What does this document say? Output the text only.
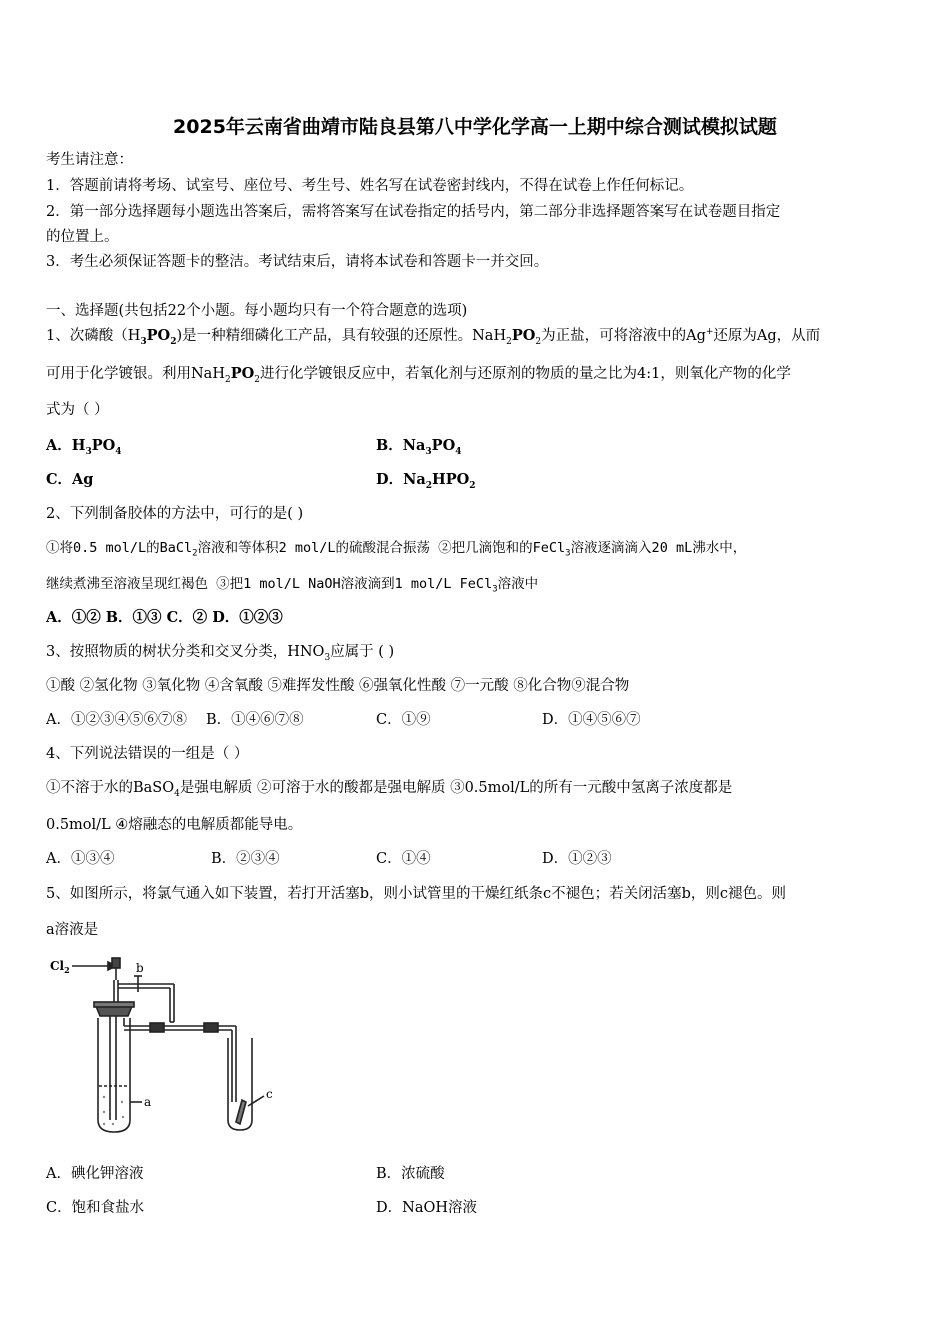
2025年云南省曲靖市陆良县第八中学化学高一上期中综合测试模拟试题
考生请注意：
1．答题前请将考场、试室号、座位号、考生号、姓名写在试卷密封线内，不得在试卷上作任何标记。
2．第一部分选择题每小题选出答案后，需将答案写在试卷指定的括号内，第二部分非选择题答案写在试卷题目指定
的位置上。
3．考生必须保证答题卡的整洁。考试结束后，请将本试卷和答题卡一并交回。
一、选择题(共包括22个小题。每小题均只有一个符合题意的选项)
1、次磷酸$(H_3PO_2)$是一种精细磷化工产品，具有较强的还原性。$NaH_2PO_2$为正盐，可将溶液中的Ag+还原为Ag，从而
可用于化学镀银。利用$NaH_2PO_2$进行化学镀银反应中，若氧化剂与还原剂的物质的量之比为4:1，则氧化产物的化学
式为（ ）
A．$H_3PO_4$	B．$Na_3PO_4$
C．Ag	D．$Na_2HPO_2$
2、下列制备胶体的方法中，可行的是( )
①将0.5 mol/L的BaCl$_2$溶液和等体积2 mol/L的硫酸混合振荡 ②把几滴饱和的FeCl$_3$溶液逐滴滴入20 mL沸水中，
继续煮沸至溶液呈现红褐色 ③把1 mol/L NaOH溶液滴到1 mol/L FeCl$_3$溶液中
A．①② B．①③ C．② D．①②③
3、按照物质的树状分类和交叉分类，$HNO_3$应属于 ( )
①酸 ②氢化物 ③氧化物 ④含氧酸 ⑤难挥发性酸 ⑥强氧化性酸 ⑦一元酸 ⑧化合物⑨混合物
A．①②③④⑤⑥⑦⑧ B．①④⑥⑦⑧	C．①⑨	D．①④⑤⑥⑦
4、下列说法错误的一组是（ ）
①不溶于水的BaSO$_4$是强电解质 ②可溶于水的酸都是强电解质 ③0.5mol/L的所有一元酸中氢离子浓度都是
0.5mol/L ④熔融态的电解质都能导电。
A．①③④	B．②③④	C．①④	D．①②③
5、如图所示，将氯气通入如下装置，若打开活塞b，则小试管里的干燥红纸条c不褪色；若关闭活塞b，则c褪色。则
a溶液是
$Cl_2$	b
a
c
A．碘化钾溶液	B．浓硫酸
C．饱和食盐水	D．NaOH溶液
